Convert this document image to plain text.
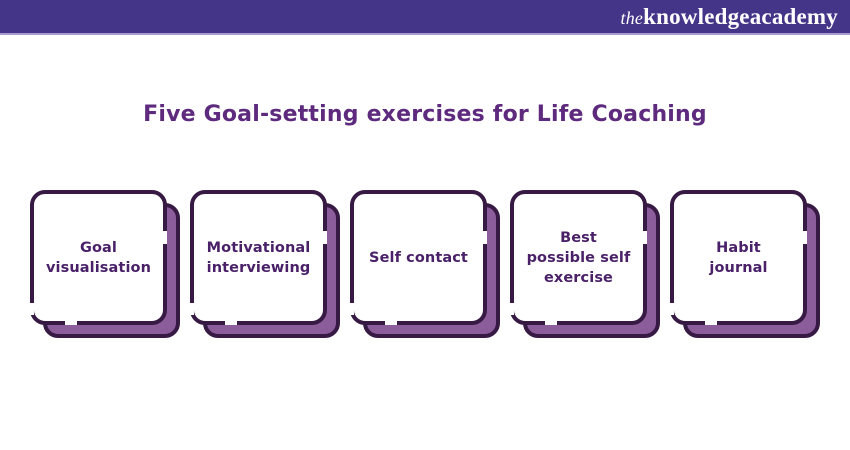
theknowledgeacademy
Five Goal-setting exercises for Life Coaching
Goal visualisation
Motivational interviewing
Self contact
Best possible self exercise
Habit journal
